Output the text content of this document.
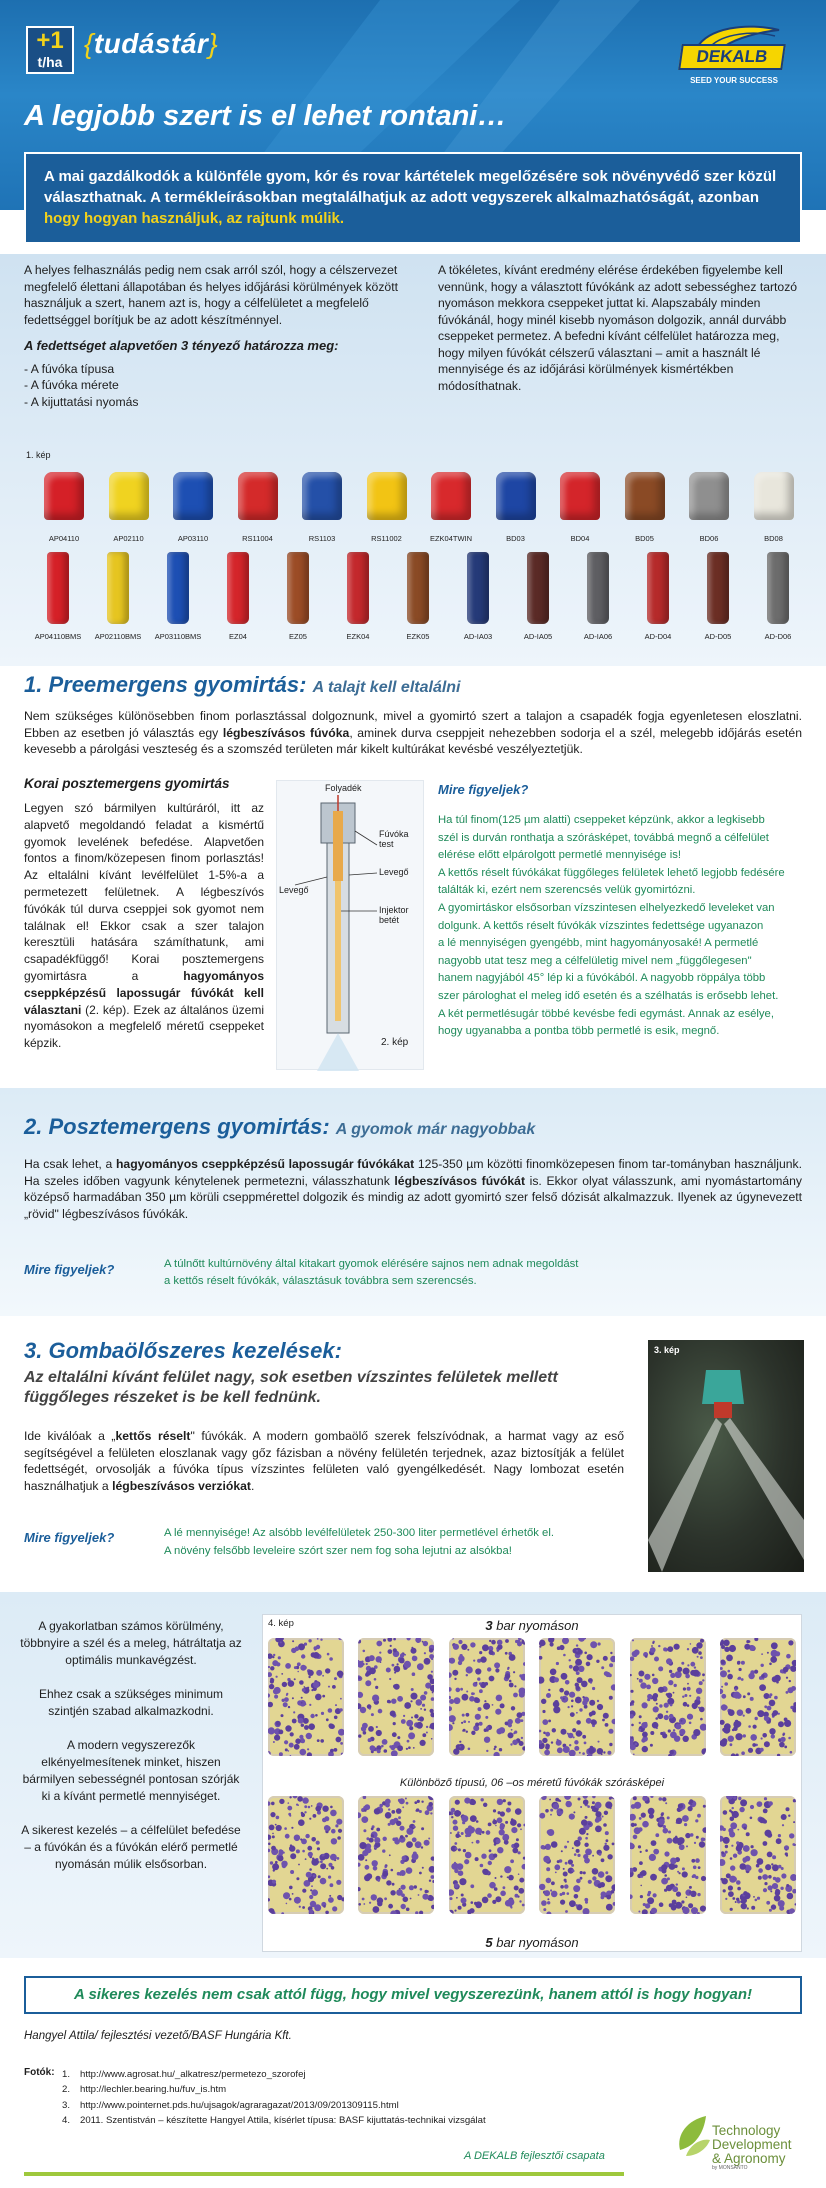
+1
t/ha
{tudástár}	DEKALB
SEED YOUR SUCCESS
A legjobb szert is el lehet rontani…
A mai gazdálkodók a különféle gyom, kór és rovar kártételek megelőzésére sok növényvédő szer közül választhatnak. A termékleírásokban megtalálhatjuk az adott vegyszerek alkalmazhatóságát, azonban hogy hogyan használjuk, az rajtunk múlik.

A helyes felhasználás pedig nem csak arról szól, hogy a célszervezet megfelelő élettani állapotában és helyes időjárási körülmények között használjuk a szert, hanem azt is, hogy a célfelületet a megfelelő fedettséggel borítjuk be az adott készítménnyel.

A fedettséget alapvetően 3 tényező határozza meg:

- A fúvóka típusa
- A fúvóka mérete
- A kijuttatási nyomás

A tökéletes, kívánt eredmény elérése érdekében figyelembe kell vennünk, hogy a választott fúvókánk az adott sebességhez tartozó nyomáson mekkora cseppeket juttat ki. Alapszabály minden fúvókánál, hogy minél kisebb nyomáson dolgozik, annál durvább cseppeket permetez. A befedni kívánt célfelület határozza meg, hogy milyen fúvókát célszerű választani – amit a használt lé mennyisége és az időjárási körülmények kismértékben módosíthatnak.

AP04110	AP02110	AP03110	RS11004	RS1103	RS11002	EZK04TWIN	BD03	BD04	BD05	BD06	BD08
AP04110BMS	AP02110BMS	AP03110BMS	EZ04	EZ05	EZK04	EZK05	AD-IA03	AD-IA05	AD-IA06	AD-D04	AD-D05	AD-D06
1. kép
1. Preemergens gyomirtás: A talajt kell eltalálni
Nem szükséges különösebben finom porlasztással dolgoznunk, mivel a gyomirtó szert a talajon a csapadék fogja egyenletesen eloszlatni. Ebben az esetben jó választás egy légbeszívásos fúvóka, aminek durva cseppjeit nehezebben sodorja el a szél, melegebb időjárás esetén kevesebb a párolgási veszteség és a szomszéd területen már kikelt kultúrákat kevésbé veszélyeztetjük.
Korai posztemergens gyomirtás
Legyen szó bármilyen kultúráról, itt az alapvető megoldandó feladat a kismértű gyomok levelének befedése. Alapvetően fontos a finom/közepesen finom porlasztás! Az eltalálni kívánt levélfelület 1-5%-a a permetezett felületnek. A légbeszívós fúvókák túl durva cseppjei sok gyomot nem találnak el! Ekkor csak a szer talajon keresztüli hatására számíthatunk, ami csapadékfüggő! Korai posztemergens gyomirtásra a hagyományos cseppképzésű lapossugár fúvókát kell választani (2. kép). Ezek az általános üzemi nyomásokon a megfelelő méretű cseppeket képzik.
Folyadék
Fúvóka test
Levegő
Levegő
Injektor betét
2. kép
Mire figyeljek?
Ha túl finom(125 µm alatti) cseppeket képzünk, akkor a legkisebb
szél is durván ronthatja a szórásképet, továbbá megnő a célfelület
elérése előtt elpárolgott permetlé mennyisége is!
A kettős réselt fúvókákat függőleges felületek lehető legjobb fedésére
találták ki, ezért nem szerencsés velük gyomirtózni.
A gyomirtáskor elsősorban vízszintesen elhelyezkedő leveleket van
dolgunk. A kettős réselt fúvókák vízszintes fedettsége ugyanazon
a lé mennyiségen gyengébb, mint hagyományosaké! A permetlé
nagyobb utat tesz meg a célfelületig mivel nem „függőlegesen"
hanem nagyjából 45° lép ki a fúvókából. A nagyobb röppálya több
szer párologhat el meleg idő esetén és a szélhatás is erősebb lehet.
A két permetlésugár többé kevésbe fedi egymást. Annak az esélye,
hogy ugyanabba a pontba több permetlé is esik, megnő.
2. Posztemergens gyomirtás: A gyomok már nagyobbak
Ha csak lehet, a hagyományos cseppképzésű lapossugár fúvókákat 125-350 µm közötti finomközepesen finom tar-tományban használjunk. Ha szeles időben vagyunk kénytelenek permetezni, válasszhatunk légbeszívásos fúvókát is. Ekkor olyat válasszunk, ami nyomástartomány középső harmadában 350 µm körüli cseppmérettel dolgozik és mindig az adott gyomirtó szer felső dózisát alkalmazzuk. Ilyenek az úgynevezett „rövid" légbeszívásos fúvókák.
Mire figyeljek?	A túlnőtt kultúrnövény által kitakart gyomok elérésére sajnos nem adnak megoldást
a kettős réselt fúvókák, választásuk továbbra sem szerencsés.
3. Gombaölőszeres kezelések:
Az eltalálni kívánt felület nagy, sok esetben vízszintes felületek mellett függőleges részeket is be kell fednünk.
Ide kiválóak a „kettős réselt" fúvókák. A modern gombaölő szerek felszívódnak, a harmat vagy az eső segítségével a felületen eloszlanak vagy gőz fázisban a növény felületén terjednek, azaz biztosítják a felület fedettségét, orvosolják a fúvóka típus vízszintes felületen való gyengélkedését. Nagy lombozat esetén használhatjuk a légbeszívásos verziókat.
Mire figyeljek?	A lé mennyisége! Az alsóbb levélfelületek 250-300 liter permetlével érhetők el.
A növény felsőbb leveleire szórt szer nem fog soha lejutni az alsókba!
3. kép

A gyakorlatban számos körülmény, többnyire a szél és a meleg, hátráltatja az optimális munkavégzést.

Ehhez csak a szükséges minimum szintjén szabad alkalmazkodni.

A modern vegyszerezők elkényelmesítenek minket, hiszen bármilyen sebességnél pontosan szórják ki a kívánt permetlé mennyiséget.

A sikerest kezelés – a célfelület befedése – a fúvókán és a fúvókán elérő permetlé nyomásán múlik elsősorban.

4. kép	3 bar nyomáson
Különböző típusú, 06 –os méretű fúvókák szórásképei
5 bar nyomáson
A sikeres kezelés nem csak attól függ, hogy mivel vegyszerezünk, hanem attól is hogy hogyan!
Hangyel Attila/ fejlesztési vezető/BASF Hungária Kft.
Fotók: 1. http://www.agrosat.hu/_alkatresz/permetezo_szorofej
2. http://lechler.bearing.hu/fuv_is.htm
3. http://www.pointernet.pds.hu/ujsagok/agraragazat/2013/09/201309115.html
4. 2011. Szentistván – készítette Hangyel Attila, kísérlet típusa: BASF kijuttatás-technikai vizsgálat
A DEKALB fejlesztői csapata
Technology
Development
& Agronomy
by MONSANTO
